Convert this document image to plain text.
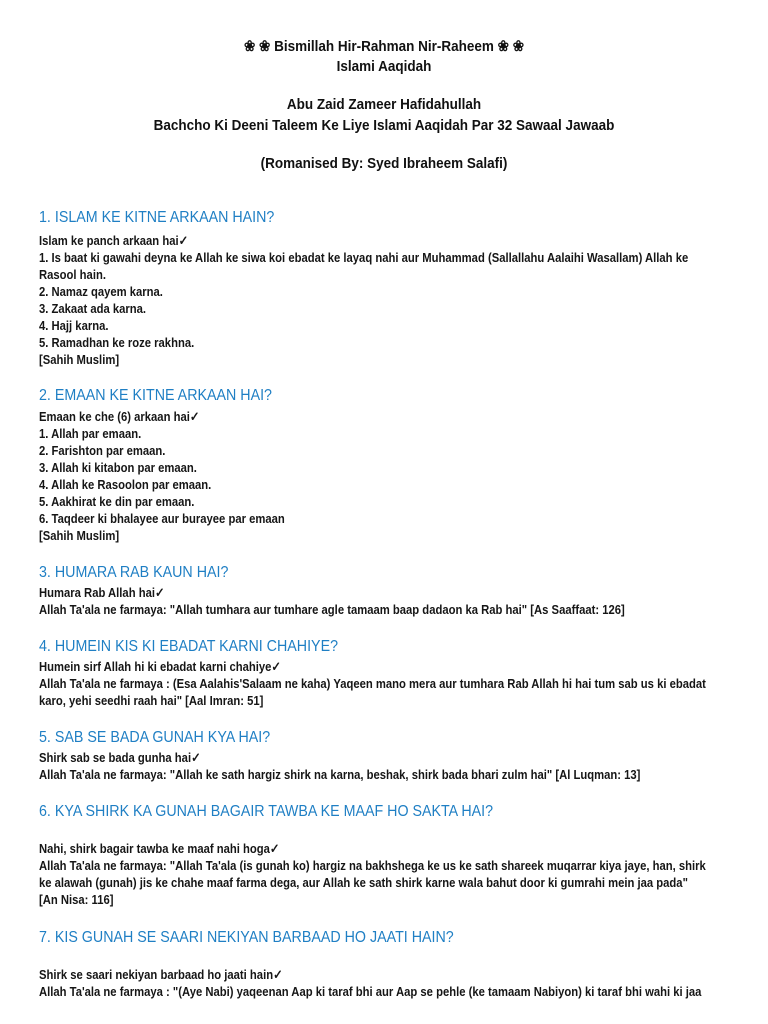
❀ ❀ Bismillah Hir-Rahman Nir-Raheem ❀ ❀
Islami Aaqidah
Abu Zaid Zameer Hafidahullah
Bachcho Ki Deeni Taleem Ke Liye Islami Aaqidah Par 32 Sawaal Jawaab
(Romanised By: Syed Ibraheem Salafi)
1. ISLAM KE KITNE ARKAAN HAIN?
Islam ke panch arkaan hai✓
1. Is baat ki gawahi deyna ke Allah ke siwa koi ebadat ke layaq nahi aur Muhammad (Sallallahu Aalaihi Wasallam) Allah ke
Rasool hain.
2. Namaz qayem karna.
3. Zakaat ada karna.
4. Hajj karna.
5. Ramadhan ke roze rakhna.
[Sahih Muslim]
2. EMAAN KE KITNE ARKAAN HAI?
Emaan ke che (6) arkaan hai✓
1. Allah par emaan.
2. Farishton par emaan.
3. Allah ki kitabon par emaan.
4. Allah ke Rasoolon par emaan.
5. Aakhirat ke din par emaan.
6. Taqdeer ki bhalayee aur burayee par emaan
[Sahih Muslim]
3. HUMARA RAB KAUN HAI?
Humara Rab Allah hai✓
Allah Ta'ala ne farmaya: "Allah tumhara aur tumhare agle tamaam baap dadaon ka Rab hai" [As Saaffaat: 126]
4. HUMEIN KIS KI EBADAT KARNI CHAHIYE?
Humein sirf Allah hi ki ebadat karni chahiye✓
Allah Ta'ala ne farmaya : (Esa Aalahis'Salaam ne kaha) Yaqeen mano mera aur tumhara Rab Allah hi hai tum sab us ki ebadat
karo, yehi seedhi raah hai" [Aal Imran: 51]
5. SAB SE BADA GUNAH KYA HAI?
Shirk sab se bada gunha hai✓
Allah Ta'ala ne farmaya: "Allah ke sath hargiz shirk na karna, beshak, shirk bada bhari zulm hai" [Al Luqman: 13]
6. KYA SHIRK KA GUNAH BAGAIR TAWBA KE MAAF HO SAKTA HAI?
Nahi, shirk bagair tawba ke maaf nahi hoga✓
Allah Ta'ala ne farmaya: "Allah Ta'ala (is gunah ko) hargiz na bakhshega ke us ke sath shareek muqarrar kiya jaye, han, shirk
ke alawah (gunah) jis ke chahe maaf farma dega, aur Allah ke sath shirk karne wala bahut door ki gumrahi mein jaa pada"
[An Nisa: 116]
7. KIS GUNAH SE SAARI NEKIYAN BARBAAD HO JAATI HAIN?
Shirk se saari nekiyan barbaad ho jaati hain✓
Allah Ta'ala ne farmaya : "(Aye Nabi) yaqeenan Aap ki taraf bhi aur Aap se pehle (ke tamaam Nabiyon) ki taraf bhi wahi ki jaa
